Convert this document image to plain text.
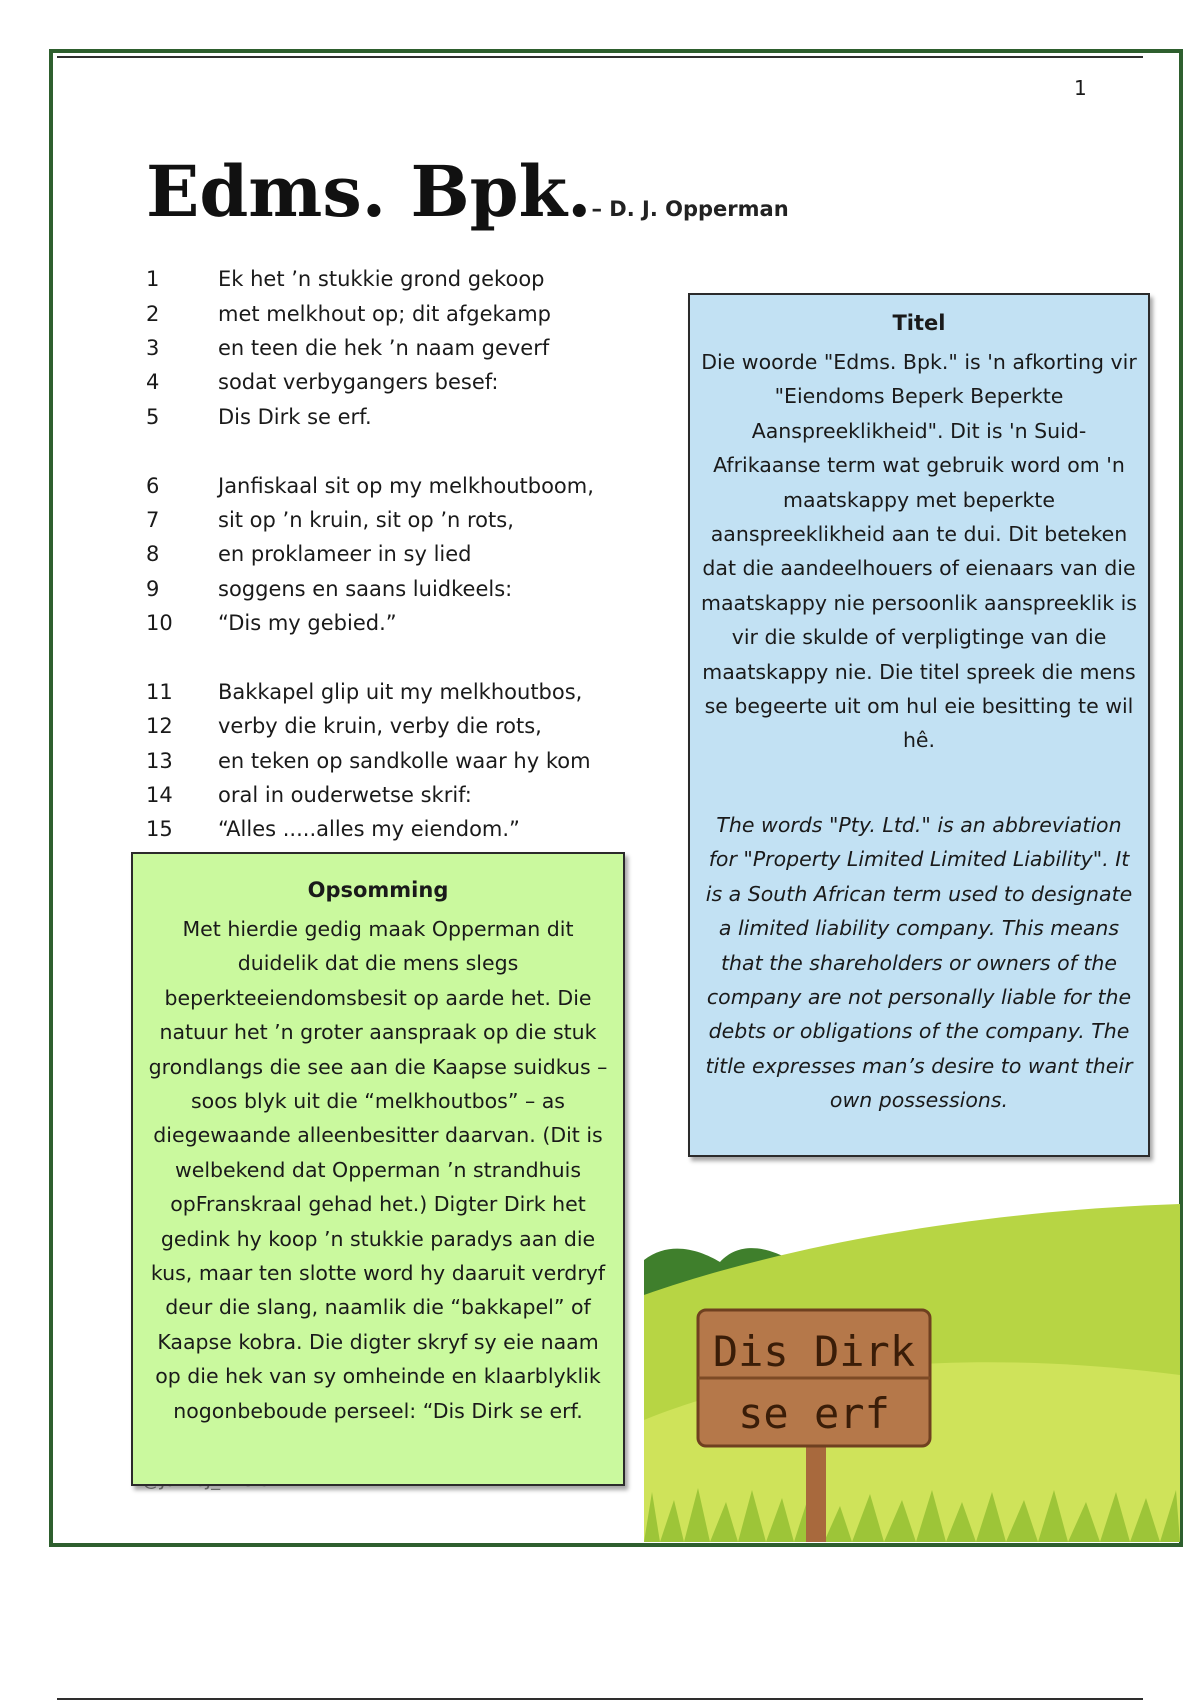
1
Edms. Bpk.– D. J. Opperman
1	Ek het ’n stukkie grond gekoop
2	met melkhout op; dit afgekamp
3	en teen die hek ’n naam geverf
4	sodat verbygangers besef:
5	Dis Dirk se erf.
6	Janfiskaal sit op my melkhoutboom,
7	sit op ’n kruin, sit op ’n rots,
8	en proklameer in sy lied
9	soggens en saans luidkeels:
10	“Dis my gebied.”
11	Bakkapel glip uit my melkhoutbos,
12	verby die kruin, verby die rots,
13	en teken op sandkolle waar hy kom
14	oral in ouderwetse skrif:
15	“Alles .....alles my eiendom.”
Titel
Die woorde "Edms. Bpk." is 'n afkorting vir "Eiendoms Beperk Beperkte Aanspreeklikheid". Dit is 'n Suid-Afrikaanse term wat gebruik word om 'n maatskappy met beperkte aanspreeklikheid aan te dui. Dit beteken dat die aandeelhouers of eienaars van die maatskappy nie persoonlik aanspreeklik is vir die skulde of verpligtinge van die maatskappy nie. Die titel spreek die mens se begeerte uit om hul eie besitting te wil hê.
The words "Pty. Ltd." is an abbreviation for "Property Limited Limited Liability". It is a South African term used to designate a limited liability company. This means that the shareholders or owners of the company are not personally liable for the debts or obligations of the company. The title expresses man’s desire to want their own possessions.
Opsomming
Met hierdie gedig maak Opperman dit duidelik dat die mens slegs beperkteeiendomsbesit op aarde het. Die natuur het ’n groter aanspraak op die stuk grondlangs die see aan die Kaapse suidkus – soos blyk uit die “melkhoutbos” – as diegewaande alleenbesitter daarvan. (Dit is welbekend dat Opperman ’n strandhuis opFranskraal gehad het.) Digter Dirk het gedink hy koop ’n stukkie paradys aan die kus, maar ten slotte word hy daaruit verdryf deur die slang, naamlik die “bakkapel” of Kaapse kobra. Die digter skryf sy eie naam op die hek van sy omheinde en klaarblyklik nogonbeboude perseel: “Dis Dirk se erf.
Dis Dirk
se erf
